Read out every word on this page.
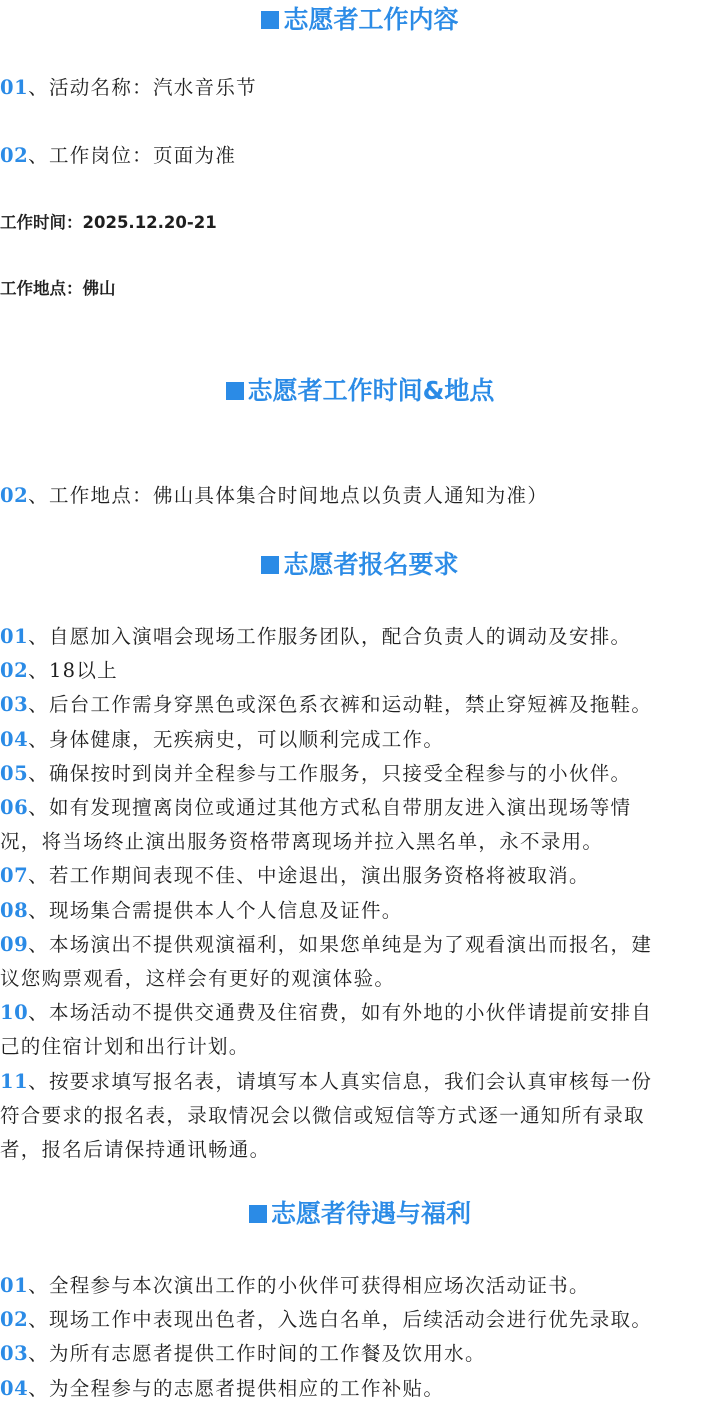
志愿者工作内容
01、活动名称：汽水音乐节
02、工作岗位：页面为准
工作时间：2025.12.20-21
工作地点：佛山
志愿者工作时间&地点
02、工作地点：佛山具体集合时间地点以负责人通知为准）
志愿者报名要求
01、自愿加入演唱会现场工作服务团队，配合负责人的调动及安排。
02、18以上
03、后台工作需身穿黑色或深色系衣裤和运动鞋，禁止穿短裤及拖鞋。
04、身体健康，无疾病史，可以顺利完成工作。
05、确保按时到岗并全程参与工作服务，只接受全程参与的小伙伴。
06、如有发现擅离岗位或通过其他方式私自带朋友进入演出现场等情
况，将当场终止演出服务资格带离现场并拉入黑名单，永不录用。
07、若工作期间表现不佳、中途退出，演出服务资格将被取消。
08、现场集合需提供本人个人信息及证件。
09、本场演出不提供观演福利，如果您单纯是为了观看演出而报名，建
议您购票观看，这样会有更好的观演体验。
10、本场活动不提供交通费及住宿费，如有外地的小伙伴请提前安排自
己的住宿计划和出行计划。
11、按要求填写报名表，请填写本人真实信息，我们会认真审核每一份
符合要求的报名表，录取情况会以微信或短信等方式逐一通知所有录取
者，报名后请保持通讯畅通。
志愿者待遇与福利
01、全程参与本次演出工作的小伙伴可获得相应场次活动证书。
02、现场工作中表现出色者，入选白名单，后续活动会进行优先录取。
03、为所有志愿者提供工作时间的工作餐及饮用水。
04、为全程参与的志愿者提供相应的工作补贴。
